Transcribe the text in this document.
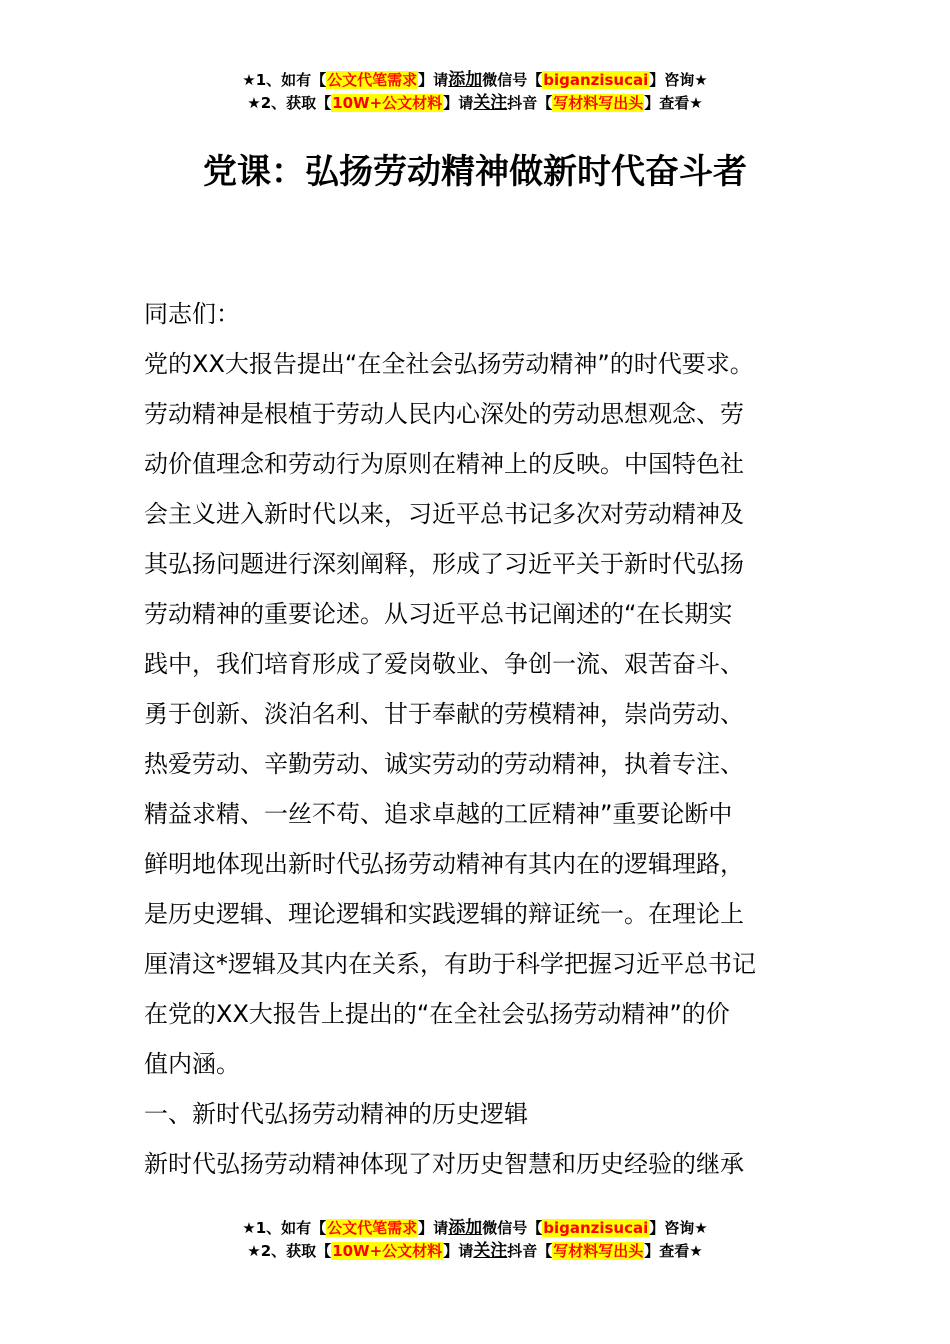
★1、如有【公文代笔需求】请添加微信号【biganzisucai】咨询★
★2、获取【10W+公文材料】请关注抖音【写材料写出头】查看★
党课：弘扬劳动精神做新时代奋斗者
同志们：
党的XX大报告提出“在全社会弘扬劳动精神”的时代要求。
劳动精神是根植于劳动人民内心深处的劳动思想观念、劳
动价值理念和劳动行为原则在精神上的反映。中国特色社
会主义进入新时代以来，习近平总书记多次对劳动精神及
其弘扬问题进行深刻阐释，形成了习近平关于新时代弘扬
劳动精神的重要论述。从习近平总书记阐述的“在长期实
践中，我们培育形成了爱岗敬业、争创一流、艰苦奋斗、
勇于创新、淡泊名利、甘于奉献的劳模精神，崇尚劳动、
热爱劳动、辛勤劳动、诚实劳动的劳动精神，执着专注、
精益求精、一丝不苟、追求卓越的工匠精神”重要论断中
鲜明地体现出新时代弘扬劳动精神有其内在的逻辑理路，
是历史逻辑、理论逻辑和实践逻辑的辩证统一。在理论上
厘清这*逻辑及其内在关系，有助于科学把握习近平总书记
在党的XX大报告上提出的“在全社会弘扬劳动精神”的价
值内涵。
一、新时代弘扬劳动精神的历史逻辑
新时代弘扬劳动精神体现了对历史智慧和历史经验的继承
★1、如有【公文代笔需求】请添加微信号【biganzisucai】咨询★
★2、获取【10W+公文材料】请关注抖音【写材料写出头】查看★
